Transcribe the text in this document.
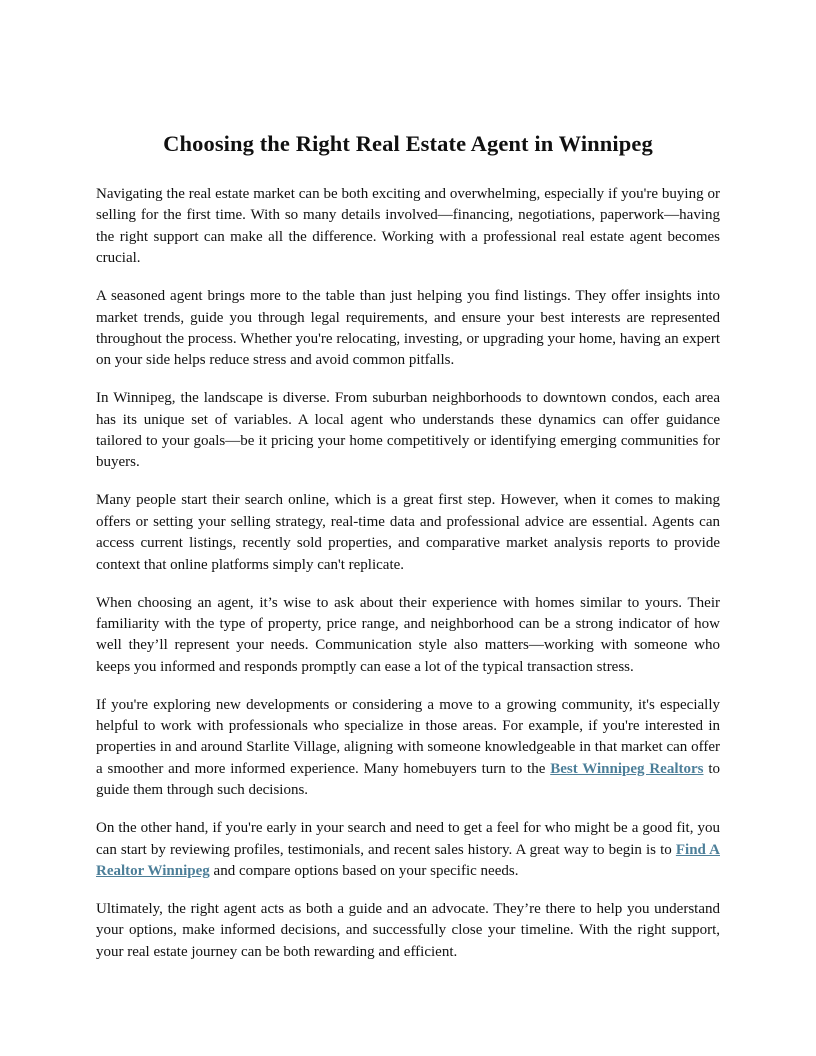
Choosing the Right Real Estate Agent in Winnipeg

Navigating the real estate market can be both exciting and overwhelming, especially if you're buying or selling for the first time. With so many details involved—financing, negotiations, paperwork—having the right support can make all the difference. Working with a professional real estate agent becomes crucial.

A seasoned agent brings more to the table than just helping you find listings. They offer insights into market trends, guide you through legal requirements, and ensure your best interests are represented throughout the process. Whether you're relocating, investing, or upgrading your home, having an expert on your side helps reduce stress and avoid common pitfalls.

In Winnipeg, the landscape is diverse. From suburban neighborhoods to downtown condos, each area has its unique set of variables. A local agent who understands these dynamics can offer guidance tailored to your goals—be it pricing your home competitively or identifying emerging communities for buyers.

Many people start their search online, which is a great first step. However, when it comes to making offers or setting your selling strategy, real-time data and professional advice are essential. Agents can access current listings, recently sold properties, and comparative market analysis reports to provide context that online platforms simply can't replicate.

When choosing an agent, it’s wise to ask about their experience with homes similar to yours. Their familiarity with the type of property, price range, and neighborhood can be a strong indicator of how well they’ll represent your needs. Communication style also matters—working with someone who keeps you informed and responds promptly can ease a lot of the typical transaction stress.

If you're exploring new developments or considering a move to a growing community, it's especially helpful to work with professionals who specialize in those areas. For example, if you're interested in properties in and around Starlite Village, aligning with someone knowledgeable in that market can offer a smoother and more informed experience. Many homebuyers turn to the Best Winnipeg Realtors to guide them through such decisions.

On the other hand, if you're early in your search and need to get a feel for who might be a good fit, you can start by reviewing profiles, testimonials, and recent sales history. A great way to begin is to Find A Realtor Winnipeg and compare options based on your specific needs.

Ultimately, the right agent acts as both a guide and an advocate. They’re there to help you understand your options, make informed decisions, and successfully close your timeline. With the right support, your real estate journey can be both rewarding and efficient.
